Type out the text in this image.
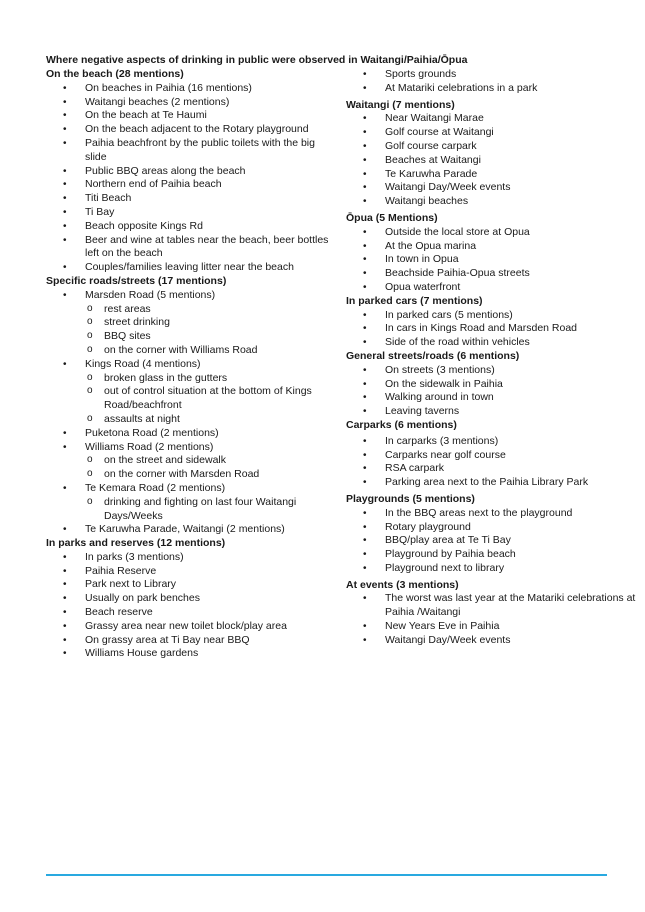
Where negative aspects of drinking in public were observed in Waitangi/Paihia/Ōpua

On the beach (28 mentions)

• On beaches in Paihia (16 mentions)
• Waitangi beaches (2 mentions)
• On the beach at Te Haumi
• On the beach adjacent to the Rotary playground
• Paihia beachfront by the public toilets with the big slide
• Public BBQ areas along the beach
• Northern end of Paihia beach
• Titi Beach
• Ti Bay
• Beach opposite Kings Rd
• Beer and wine at tables near the beach, beer bottles left on the beach
• Couples/families leaving litter near the beach

Specific roads/streets (17 mentions)

• Marsden Road (5 mentions)
o rest areas
o street drinking
o BBQ sites
o on the corner with Williams Road
• Kings Road (4 mentions)
o broken glass in the gutters
o out of control situation at the bottom of Kings Road/beachfront
o assaults at night
• Puketona Road (2 mentions)
• Williams Road (2 mentions)
o on the street and sidewalk
o on the corner with Marsden Road
• Te Kemara Road (2 mentions)
o drinking and fighting on last four Waitangi Days/Weeks
• Te Karuwha Parade, Waitangi (2 mentions)

In parks and reserves (12 mentions)

• In parks (3 mentions)
• Paihia Reserve
• Park next to Library
• Usually on park benches
• Beach reserve
• Grassy area near new toilet block/play area
• On grassy area at Ti Bay near BBQ
• Williams House gardens
• Sports grounds
• At Matariki celebrations in a park

Waitangi (7 mentions)

• Near Waitangi Marae
• Golf course at Waitangi
• Golf course carpark
• Beaches at Waitangi
• Te Karuwha Parade
• Waitangi Day/Week events
• Waitangi beaches

Ōpua (5 Mentions)

• Outside the local store at Opua
• At the Opua marina
• In town in Opua
• Beachside Paihia-Opua streets
• Opua waterfront

In parked cars (7 mentions)

• In parked cars (5 mentions)
• In cars in Kings Road and Marsden Road
• Side of the road within vehicles

General streets/roads (6 mentions)

• On streets (3 mentions)
• On the sidewalk in Paihia
• Walking around in town
• Leaving taverns

Carparks (6 mentions)

• In carparks (3 mentions)
• Carparks near golf course
• RSA carpark
• Parking area next to the Paihia Library Park

Playgrounds (5 mentions)

• In the BBQ areas next to the playground
• Rotary playground
• BBQ/play area at Te Ti Bay
• Playground by Paihia beach
• Playground next to library

At events (3 mentions)

• The worst was last year at the Matariki celebrations at Paihia /Waitangi
• New Years Eve in Paihia
• Waitangi Day/Week events
